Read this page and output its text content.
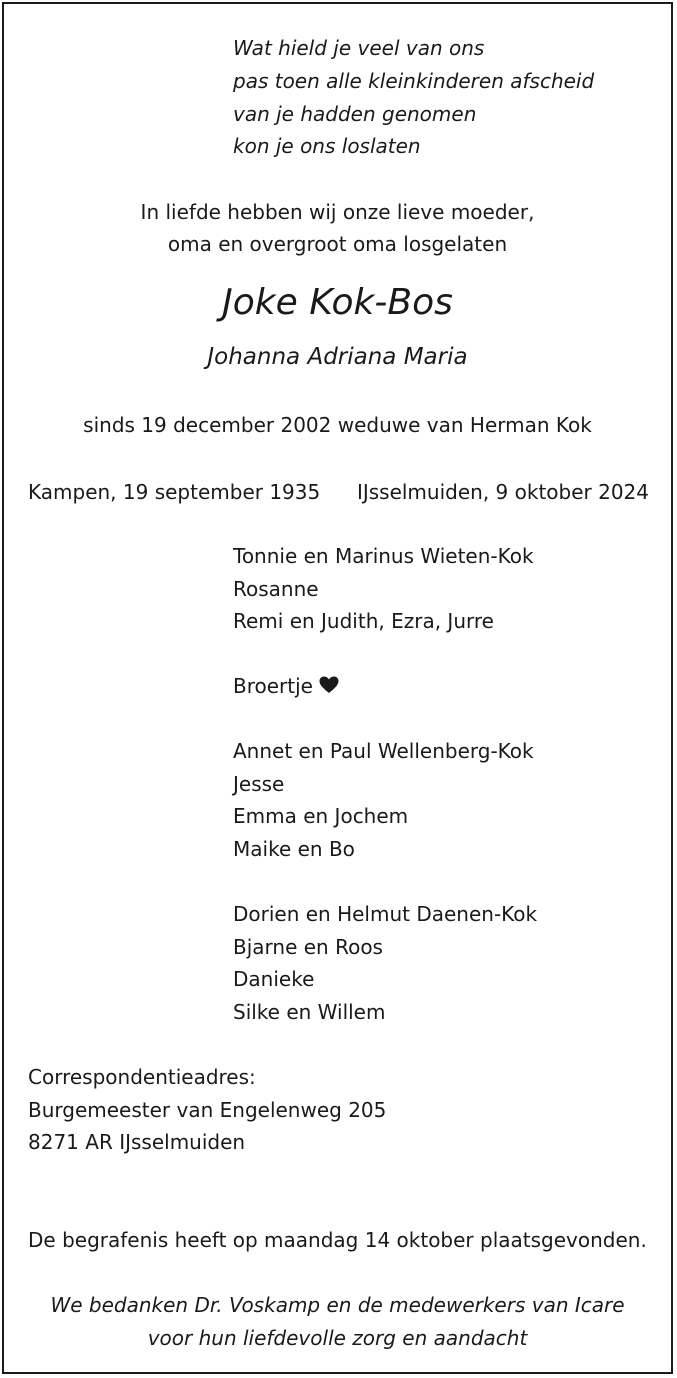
Wat hield je veel van ons
pas toen alle kleinkinderen afscheid
van je hadden genomen
kon je ons loslaten
In liefde hebben wij onze lieve moeder,
oma en overgroot oma losgelaten
Joke Kok-Bos
Johanna Adriana Maria
sinds 19 december 2002 weduwe van Herman Kok
Kampen, 19 september 1935 IJsselmuiden, 9 oktober 2024
Tonnie en Marinus Wieten-Kok
Rosanne
Remi en Judith, Ezra, Jurre
Broertje
Annet en Paul Wellenberg-Kok
Jesse
Emma en Jochem
Maike en Bo
Dorien en Helmut Daenen-Kok
Bjarne en Roos
Danieke
Silke en Willem
Correspondentieadres:
Burgemeester van Engelenweg 205
8271 AR IJsselmuiden
De begrafenis heeft op maandag 14 oktober plaatsgevonden.
We bedanken Dr. Voskamp en de medewerkers van Icare
voor hun liefdevolle zorg en aandacht
